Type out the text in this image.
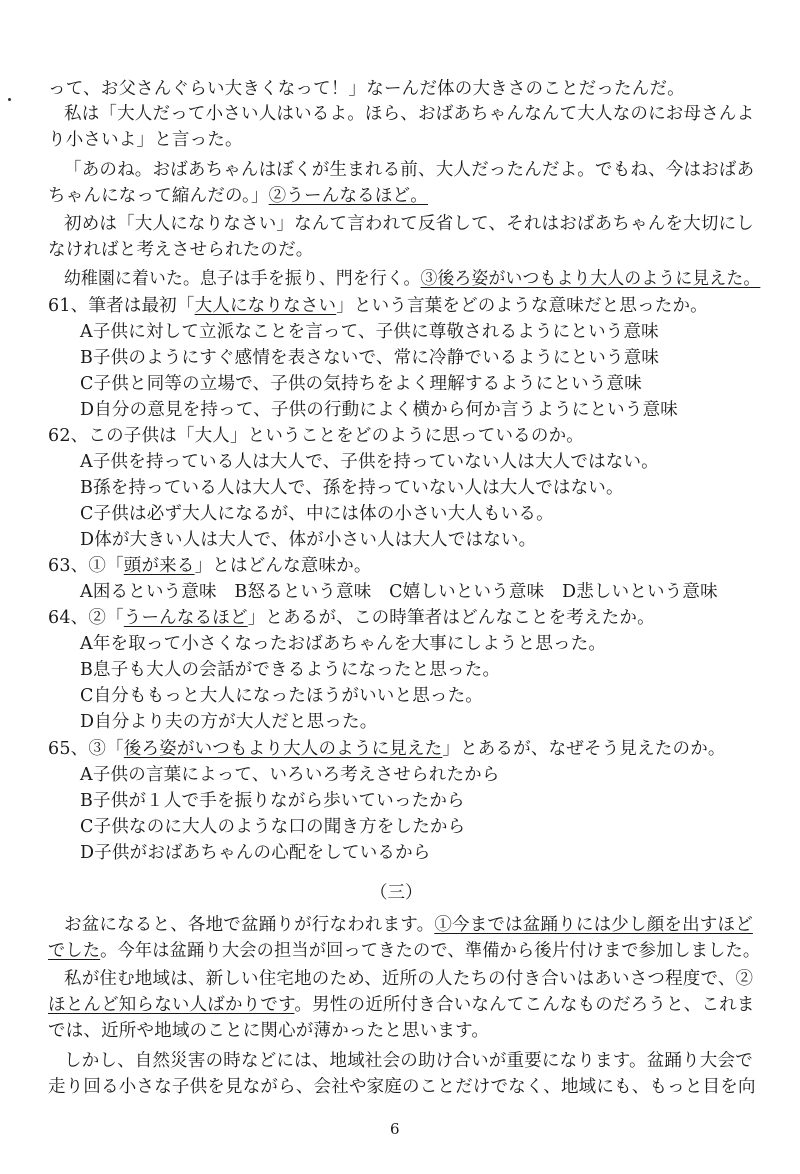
って、お父さんぐらい大きくなって！」なーんだ体の大きさのことだったんだ。
私は「大人だって小さい人はいるよ。ほら、おばあちゃんなんて大人なのにお母さんよ
り小さいよ」と言った。
「あのね。おばあちゃんはぼくが生まれる前、大人だったんだよ。でもね、今はおばあ
ちゃんになって縮んだの。」②うーんなるほど。
初めは「大人になりなさい」なんて言われて反省して、それはおばあちゃんを大切にし
なければと考えさせられたのだ。
幼稚園に着いた。息子は手を振り、門を行く。③後ろ姿がいつもより大人のように見えた。
61、筆者は最初「大人になりなさい」という言葉をどのような意味だと思ったか。
A子供に対して立派なことを言って、子供に尊敬されるようにという意味
B子供のようにすぐ感情を表さないで、常に冷静でいるようにという意味
C子供と同等の立場で、子供の気持ちをよく理解するようにという意味
D自分の意見を持って、子供の行動によく横から何か言うようにという意味
62、この子供は「大人」ということをどのように思っているのか。
A子供を持っている人は大人で、子供を持っていない人は大人ではない。
B孫を持っている人は大人で、孫を持っていない人は大人ではない。
C子供は必ず大人になるが、中には体の小さい大人もいる。
D体が大きい人は大人で、体が小さい人は大人ではない。
63、①「頭が来る」とはどんな意味か。
A困るという意味　B怒るという意味　C嬉しいという意味　D悲しいという意味
64、②「うーんなるほど」とあるが、この時筆者はどんなことを考えたか。
A年を取って小さくなったおばあちゃんを大事にしようと思った。
B息子も大人の会話ができるようになったと思った。
C自分ももっと大人になったほうがいいと思った。
D自分より夫の方が大人だと思った。
65、③「後ろ姿がいつもより大人のように見えた」とあるが、なぜそう見えたのか。
A子供の言葉によって、いろいろ考えさせられたから
B子供が１人で手を振りながら歩いていったから
C子供なのに大人のような口の聞き方をしたから
D子供がおばあちゃんの心配をしているから
（三）
お盆になると、各地で盆踊りが行なわれます。①今までは盆踊りには少し顔を出すほど
でした。今年は盆踊り大会の担当が回ってきたので、準備から後片付けまで参加しました。
私が住む地域は、新しい住宅地のため、近所の人たちの付き合いはあいさつ程度で、②
ほとんど知らない人ばかりです。男性の近所付き合いなんてこんなものだろうと、これま
では、近所や地域のことに関心が薄かったと思います。
しかし、自然災害の時などには、地域社会の助け合いが重要になります。盆踊り大会で
走り回る小さな子供を見ながら、会社や家庭のことだけでなく、地域にも、もっと目を向
6
